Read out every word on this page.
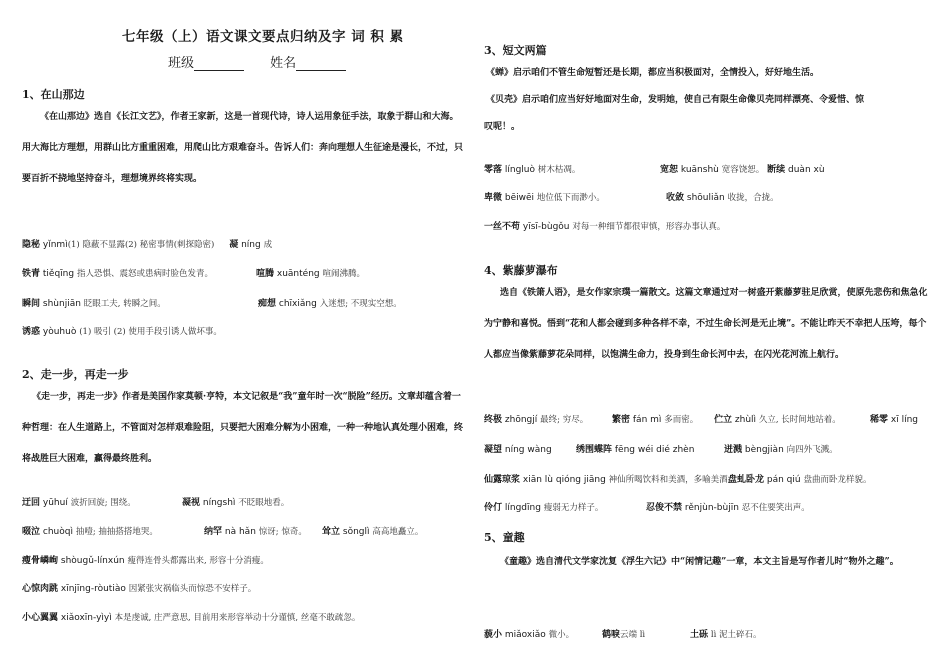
七年级（上）语文课文要点归纳及字 词 积 累
班级	姓名
1、在山那边
《在山那边》选自《长江文艺》，作者王家新，这是一首现代诗，诗人运用象征手法，取象于群山和大海。用大海比方理想，用群山比方重重困难，用爬山比方艰难奋斗。告诉人们：奔向理想人生征途是漫长，不过，只要百折不挠地坚持奋斗，理想境界终将实现。
隐秘 yǐnmì(1) 隐蔽不显露(2) 秘密事情(刺探隐密) 凝 níng 成
铁青 tiěqīng 指人恐惧、震怒或患病时脸色发青。	喧腾 xuānténg 喧闹沸腾。
瞬间 shùnjiān 眨眼工夫, 转瞬之间。	痴想 chīxiǎng 入迷想; 不现实空想。
诱惑 yòuhuò (1) 吸引 (2) 使用手段引诱人做坏事。
2、走一步，再走一步
《走一步，再走一步》作者是美国作家莫顿·亨特，本文记叙是“我”童年时一次“脱险”经历。文章却蕴含着一种哲理：在人生道路上，不管面对怎样艰难险阻，只要把大困难分解为小困难，一种一种地认真处理小困难，终将战胜巨大困难，赢得最终胜利。
迂回 yūhuí 波折回旋; 围绕。	凝视 níngshì 不眨眼地看。
啜泣 chuòqì 抽噎; 抽抽搭搭地哭。	纳罕 nà hǎn 惊讶; 惊奇。 耸立 sǒnglì 高高地矗立。
瘦骨嶙峋 shòugǔ-línxún 瘦得连骨头都露出来, 形容十分消瘦。
心惊肉跳 xīnjīng-ròutiào 因紧张灾祸临头而惊恐不安样子。
小心翼翼 xiǎoxīn-yìyì 本是虔诚, 庄严意思, 目前用来形容举动十分谨慎, 丝毫不敢疏忽。
3、短文两篇
《蝉》启示咱们不管生命短暂还是长期，都应当积极面对，全情投入，好好地生活。
《贝壳》启示咱们应当好好地面对生命，发明她，使自己有限生命像贝壳同样漂亮、令爱惜、惊叹呢！。
零落 língluò 树木枯凋。	宽恕 kuānshù 宽容饶恕。 断续 duàn xù
卑微 bēiwēi 地位低下而渺小。	收敛 shōuliǎn 收拢，合拢。
一丝不苟 yīsī-bùgǒu 对每一种细节都很审慎，形容办事认真。
4、紫藤萝瀑布
选自《铁箫人语》，是女作家宗璞一篇散文。这篇文章通过对一树盛开紫藤萝驻足欣赏，使原先悲伤和焦急化为宁静和喜悦。悟到“花和人都会碰到多种各样不幸，不过生命长河是无止境”。不能让昨天不幸把人压垮，每个人都应当像紫藤萝花朵同样，以饱满生命力，投身到生命长河中去，在闪光花河流上航行。
终极 zhōngjí 最终; 穷尽。	繁密 fán mì 多而密。 伫立 zhùlì 久立, 长时间地站着。	稀零 xī líng
凝望 níng wàng	绣围蝶阵 fēng wéi dié zhèn	迸溅 bèngjiàn 向四外飞溅。
仙露琼浆 xiān lù qióng jiāng 神仙所喝饮料和美酒，多喻美酒。盘虬卧龙 pán qiú 盘曲而卧龙样貌。
伶仃 língdīng 瘦弱无力样子。	忍俊不禁 rěnjùn-bùjīn 忍不住要笑出声。
5、童趣
《童趣》选自清代文学家沈复《浮生六记》中“闲情记趣”一章，本文主旨是写作者儿时“物外之趣”。
藐小 miǎoxiǎo 微小。	鹤唳云端 lì	土砾 lì 泥土碎石。
